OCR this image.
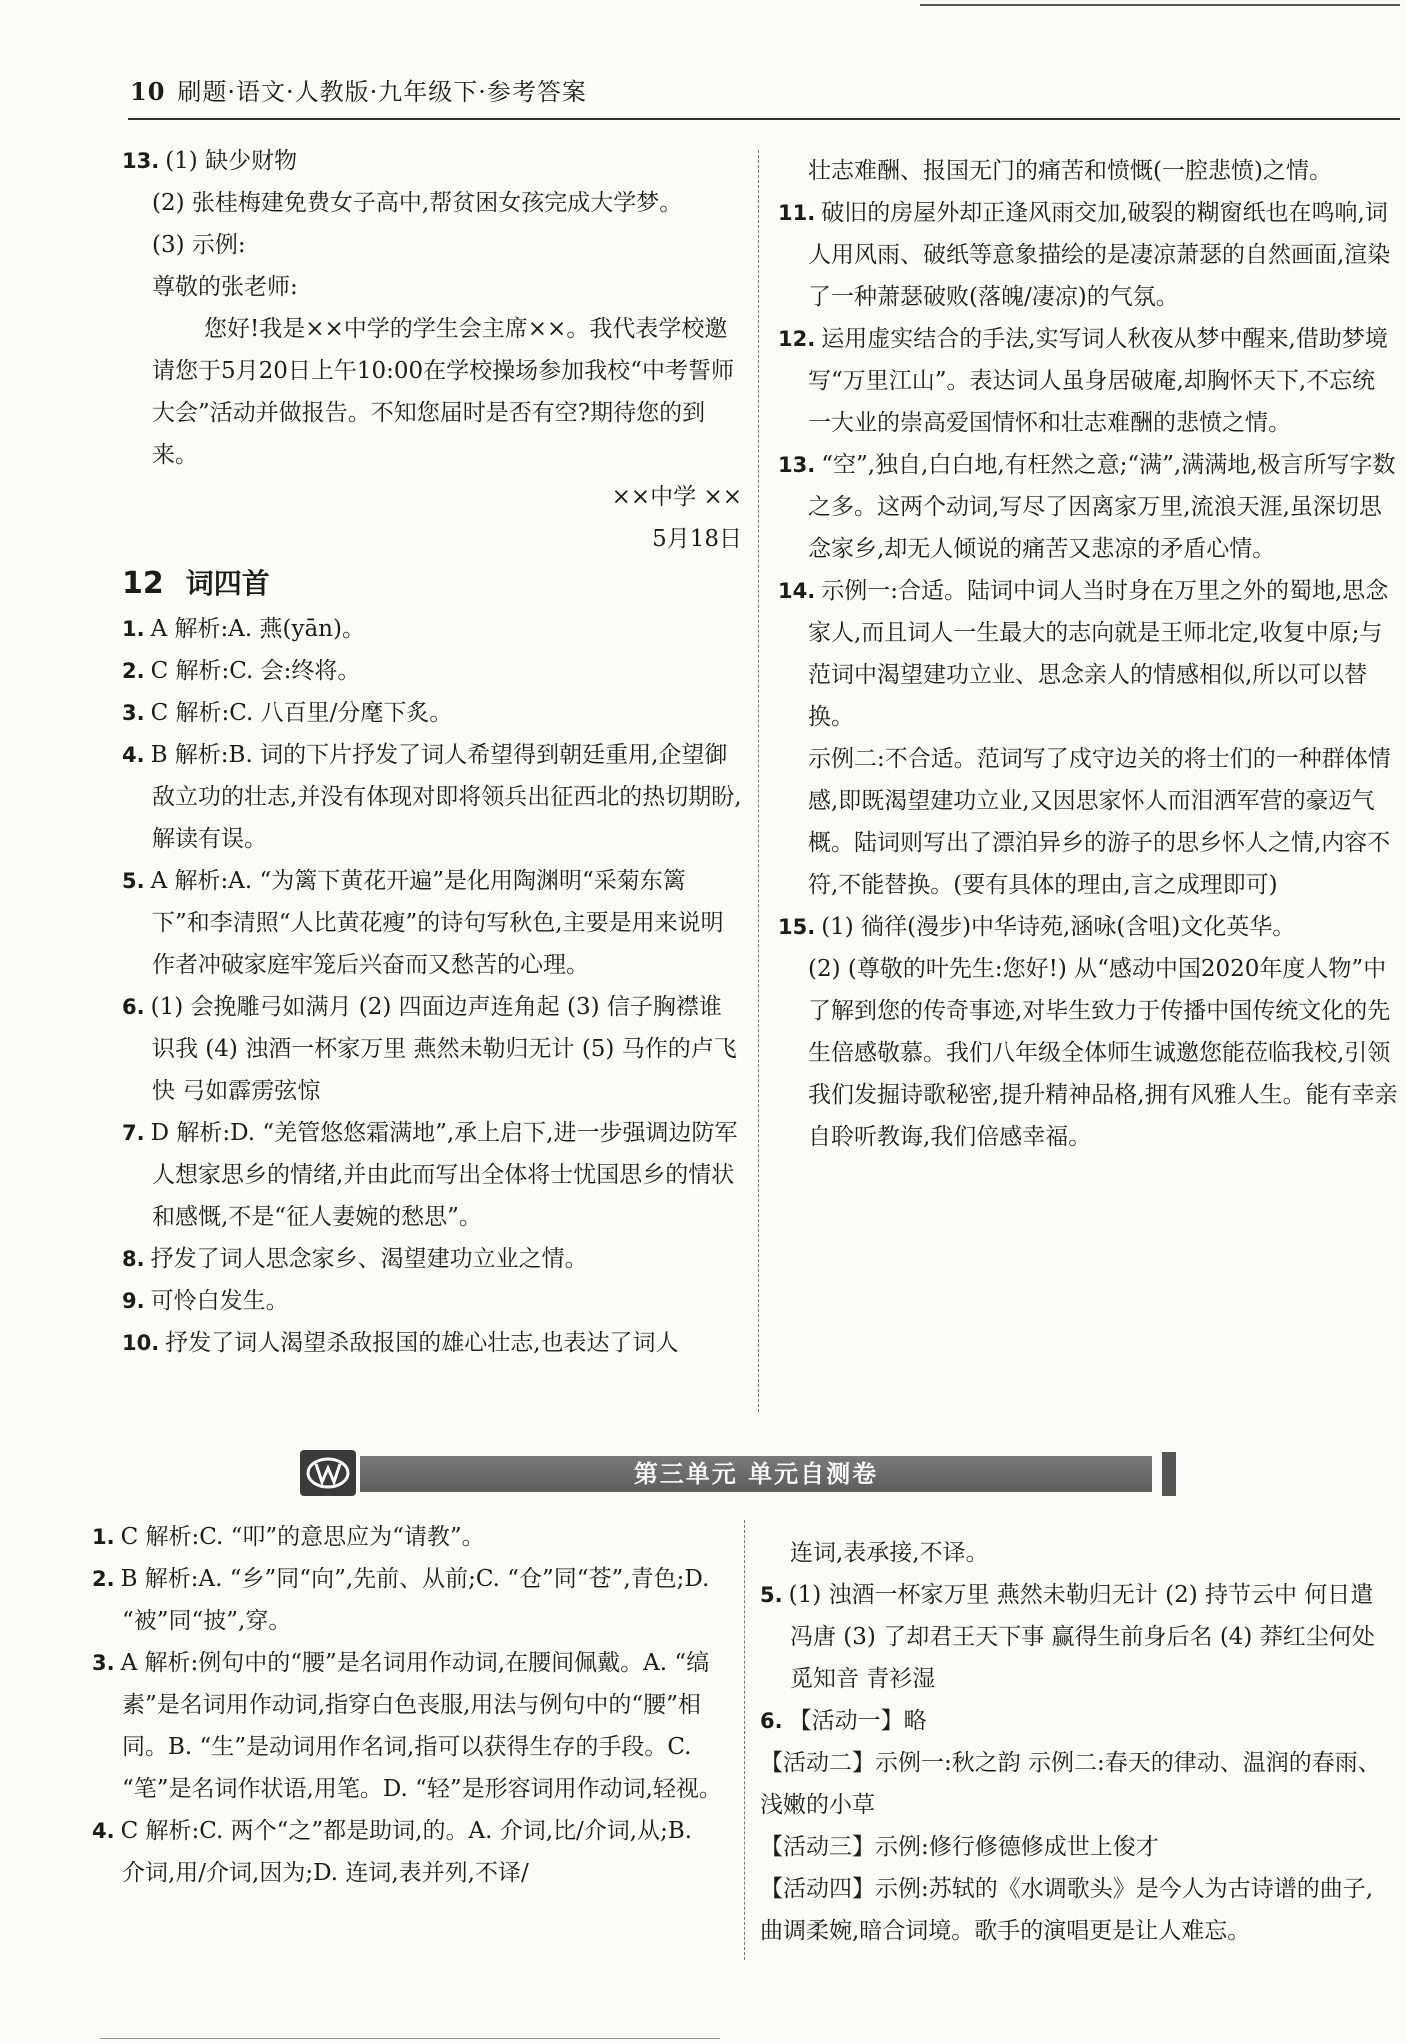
10 刷题·语文·人教版·九年级下·参考答案

13. (1) 缺少财物

(2) 张桂梅建免费女子高中,帮贫困女孩完成大学梦。

(3) 示例:

尊敬的张老师:

您好!我是××中学的学生会主席××。我代表学校邀请您于5月20日上午10:00在学校操场参加我校“中考誓师大会”活动并做报告。不知您届时是否有空?期待您的到来。

××中学 ××

5月18日

12 词四首

1. A 解析:A. 燕(yān)。

2. C 解析:C. 会:终将。

3. C 解析:C. 八百里/分麾下炙。

4. B 解析:B. 词的下片抒发了词人希望得到朝廷重用,企望御敌立功的壮志,并没有体现对即将领兵出征西北的热切期盼,解读有误。

5. A 解析:A. “为篱下黄花开遍”是化用陶渊明“采菊东篱下”和李清照“人比黄花瘦”的诗句写秋色,主要是用来说明作者冲破家庭牢笼后兴奋而又愁苦的心理。

6. (1) 会挽雕弓如满月 (2) 四面边声连角起 (3) 信子胸襟谁识我 (4) 浊酒一杯家万里 燕然未勒归无计 (5) 马作的卢飞快 弓如霹雳弦惊

7. D 解析:D. “羌管悠悠霜满地”,承上启下,进一步强调边防军人想家思乡的情绪,并由此而写出全体将士忧国思乡的情状和感慨,不是“征人妻婉的愁思”。

8. 抒发了词人思念家乡、渴望建功立业之情。

9. 可怜白发生。

10. 抒发了词人渴望杀敌报国的雄心壮志,也表达了词人

壮志难酬、报国无门的痛苦和愤慨(一腔悲愤)之情。

11. 破旧的房屋外却正逢风雨交加,破裂的糊窗纸也在鸣响,词人用风雨、破纸等意象描绘的是凄凉萧瑟的自然画面,渲染了一种萧瑟破败(落魄/凄凉)的气氛。

12. 运用虚实结合的手法,实写词人秋夜从梦中醒来,借助梦境写“万里江山”。表达词人虽身居破庵,却胸怀天下,不忘统一大业的崇高爱国情怀和壮志难酬的悲愤之情。

13. “空”,独自,白白地,有枉然之意;“满”,满满地,极言所写字数之多。这两个动词,写尽了因离家万里,流浪天涯,虽深切思念家乡,却无人倾说的痛苦又悲凉的矛盾心情。

14. 示例一:合适。陆词中词人当时身在万里之外的蜀地,思念家人,而且词人一生最大的志向就是王师北定,收复中原;与范词中渴望建功立业、思念亲人的情感相似,所以可以替换。

示例二:不合适。范词写了戍守边关的将士们的一种群体情感,即既渴望建功立业,又因思家怀人而泪洒军营的豪迈气概。陆词则写出了漂泊异乡的游子的思乡怀人之情,内容不符,不能替换。(要有具体的理由,言之成理即可)

15. (1) 徜徉(漫步)中华诗苑,涵咏(含咀)文化英华。

(2) (尊敬的叶先生:您好!) 从“感动中国2020年度人物”中了解到您的传奇事迹,对毕生致力于传播中国传统文化的先生倍感敬慕。我们八年级全体师生诚邀您能莅临我校,引领我们发掘诗歌秘密,提升精神品格,拥有风雅人生。能有幸亲自聆听教诲,我们倍感幸福。

第三单元 单元自测卷

1. C 解析:C. “叩”的意思应为“请教”。

2. B 解析:A. “乡”同“向”,先前、从前;C. “仓”同“苍”,青色;D. “被”同“披”,穿。

3. A 解析:例句中的“腰”是名词用作动词,在腰间佩戴。A. “缟素”是名词用作动词,指穿白色丧服,用法与例句中的“腰”相同。B. “生”是动词用作名词,指可以获得生存的手段。C. “笔”是名词作状语,用笔。D. “轻”是形容词用作动词,轻视。

4. C 解析:C. 两个“之”都是助词,的。A. 介词,比/介词,从;B. 介词,用/介词,因为;D. 连词,表并列,不译/

连词,表承接,不译。

5. (1) 浊酒一杯家万里 燕然未勒归无计 (2) 持节云中 何日遣冯唐 (3) 了却君王天下事 赢得生前身后名 (4) 莽红尘何处觅知音 青衫湿

6. 【活动一】略

【活动二】示例一:秋之韵 示例二:春天的律动、温润的春雨、浅嫩的小草

【活动三】示例:修行修德修成世上俊才

【活动四】示例:苏轼的《水调歌头》是今人为古诗谱的曲子,曲调柔婉,暗合词境。歌手的演唱更是让人难忘。
